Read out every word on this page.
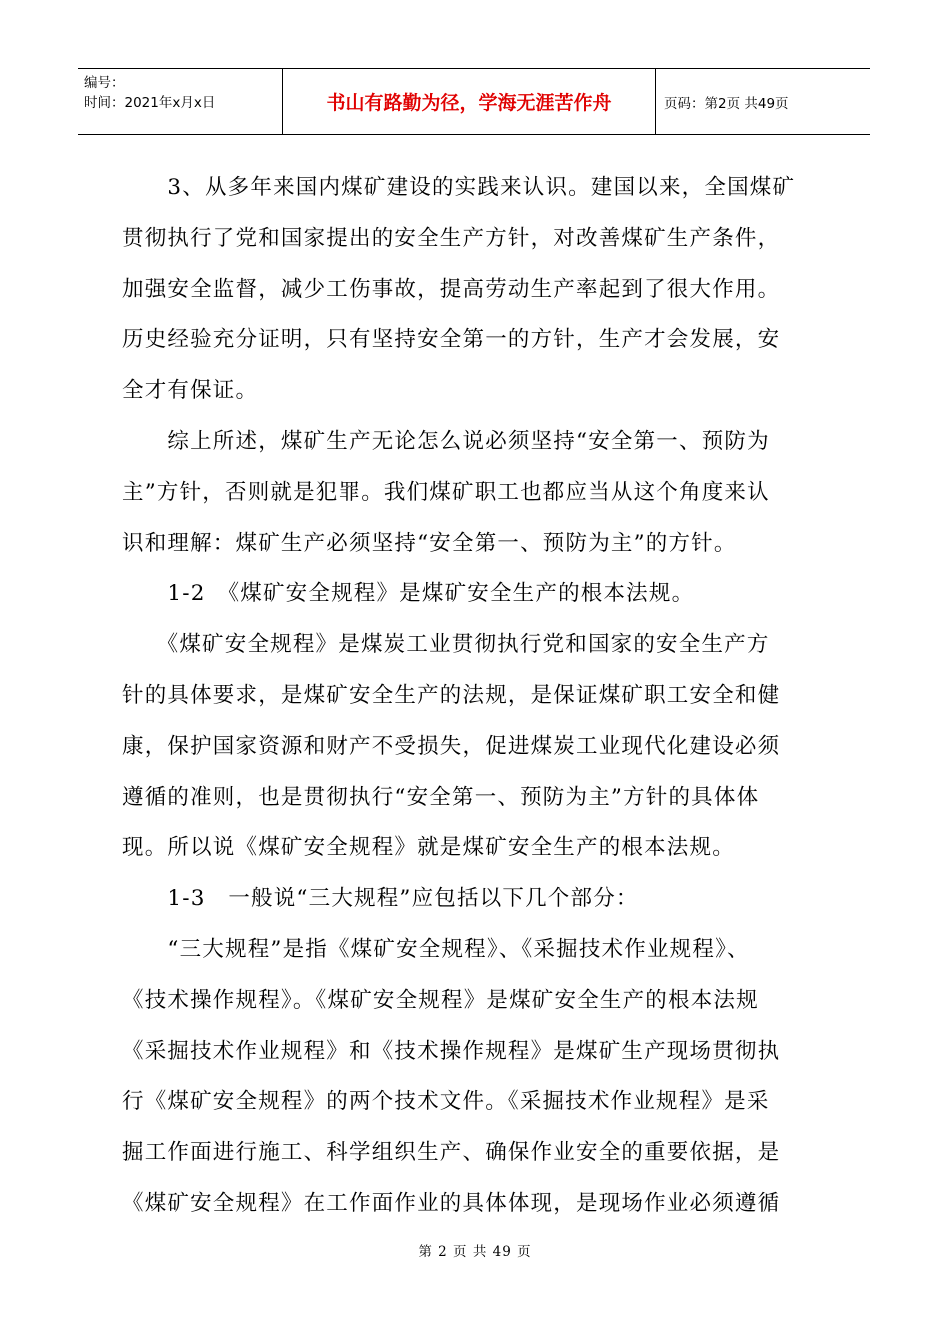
编号：
时间：2021年x月x日	书山有路勤为径，学海无涯苦作舟	页码：第2页 共49页
　　3、从多年来国内煤矿建设的实践来认识。建国以来，全国煤矿
贯彻执行了党和国家提出的安全生产方针，对改善煤矿生产条件，
加强安全监督，减少工伤事故，提高劳动生产率起到了很大作用。
历史经验充分证明，只有坚持安全第一的方针，生产才会发展，安
全才有保证。
　　综上所述，煤矿生产无论怎么说必须坚持“安全第一、预防为
主”方针，否则就是犯罪。我们煤矿职工也都应当从这个角度来认
识和理解：煤矿生产必须坚持“安全第一、预防为主”的方针。
　　1-2　《煤矿安全规程》是煤矿安全生产的根本法规。
　　《煤矿安全规程》是煤炭工业贯彻执行党和国家的安全生产方
针的具体要求，是煤矿安全生产的法规，是保证煤矿职工安全和健
康，保护国家资源和财产不受损失，促进煤炭工业现代化建设必须
遵循的准则，也是贯彻执行“安全第一、预防为主”方针的具体体
现。所以说《煤矿安全规程》就是煤矿安全生产的根本法规。
　　1-3　一般说“三大规程”应包括以下几个部分：
　　“三大规程”是指《煤矿安全规程》、《采掘技术作业规程》、
《技术操作规程》。《煤矿安全规程》是煤矿安全生产的根本法规
《采掘技术作业规程》和《技术操作规程》是煤矿生产现场贯彻执
行《煤矿安全规程》的两个技术文件。《采掘技术作业规程》是采
掘工作面进行施工、科学组织生产、确保作业安全的重要依据，是
《煤矿安全规程》在工作面作业的具体体现，是现场作业必须遵循
第 2 页 共 49 页
